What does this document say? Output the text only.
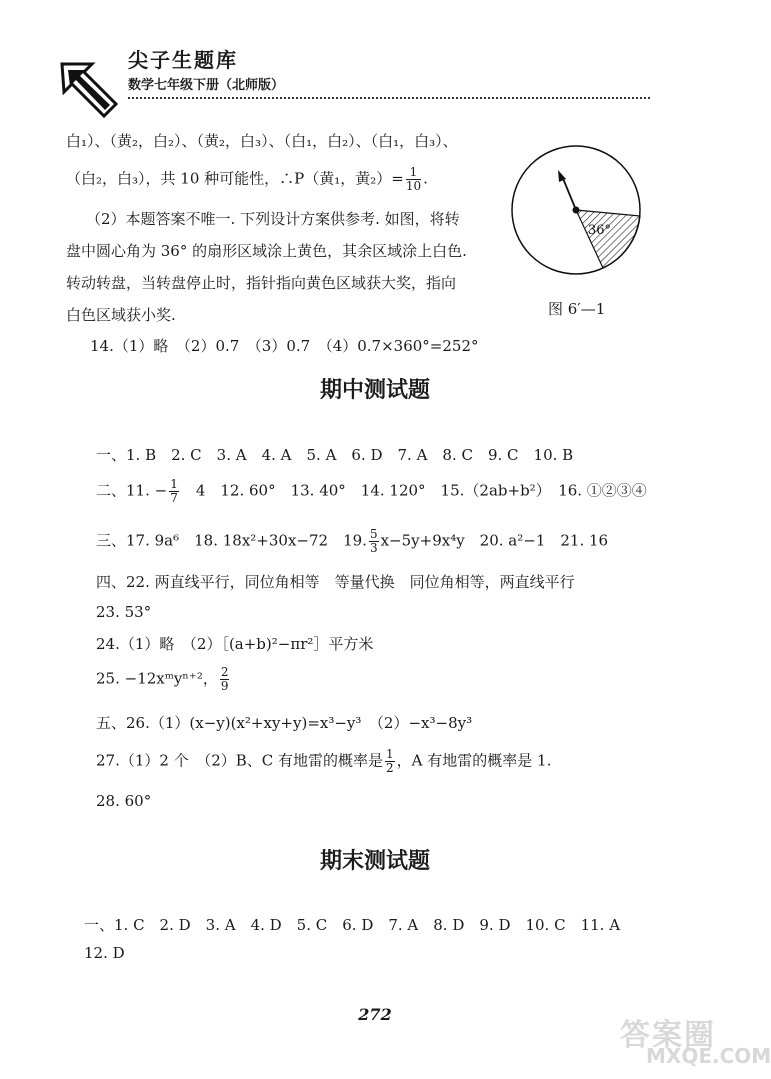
尖子生题库
数学七年级下册（北师版）
白₁）、（黄₂，白₂）、（黄₂，白₃）、（白₁，白₂）、（白₁，白₃）、
（白₂，白₃），共 10 种可能性，∴P（黄₁，黄$_2)= \frac{1}{10}$ .
（2）本题答案不唯一. 下列设计方案供参考. 如图，将转
盘中圆心角为 36° 的扇形区域涂上黄色，其余区域涂上白色.
转动转盘，当转盘停止时，指针指向黄色区域获大奖，指向
白色区域获小奖.
14.（1）略　（2）0.7　（3）0.7　（4）0.7×360°=252°
36°
图 6′—1
期中测试题
一、1. B　2. C　3. A　4. A　5. A　6. D　7. A　8. C　9. C　10. B
二、11. − $\frac{1}{7}$ 　4　12. 60°　13. 40°　14. 120°　15.（2ab+b²）　16. ①②③④
三、17. 9a⁶　18. 18x²+30x−72　19. $\frac{5}{3} x-5y+9x^4y$　20. a²−1　21. 16
四、22. 两直线平行，同位角相等　等量代换　同位角相等，两直线平行
23. 53°
24.（1）略　（2）［(a+b)²−πr²］平方米
25. −12xᵐyⁿ⁺²， $\frac{2}{9}$
五、26.（1）(x−y)(x²+xy+y)=x³−y³　（2）−x³−8y³
27.（1）2 个　（2）B、C 有地雷的概率是 $\frac{1}{2}$ ，A 有地雷的概率是 1.
28. 60°
期末测试题
一、1. C　2. D　3. A　4. D　5. C　6. D　7. A　8. D　9. D　10. C　11. A
12. D
272
答案圈
MXQE.COM
